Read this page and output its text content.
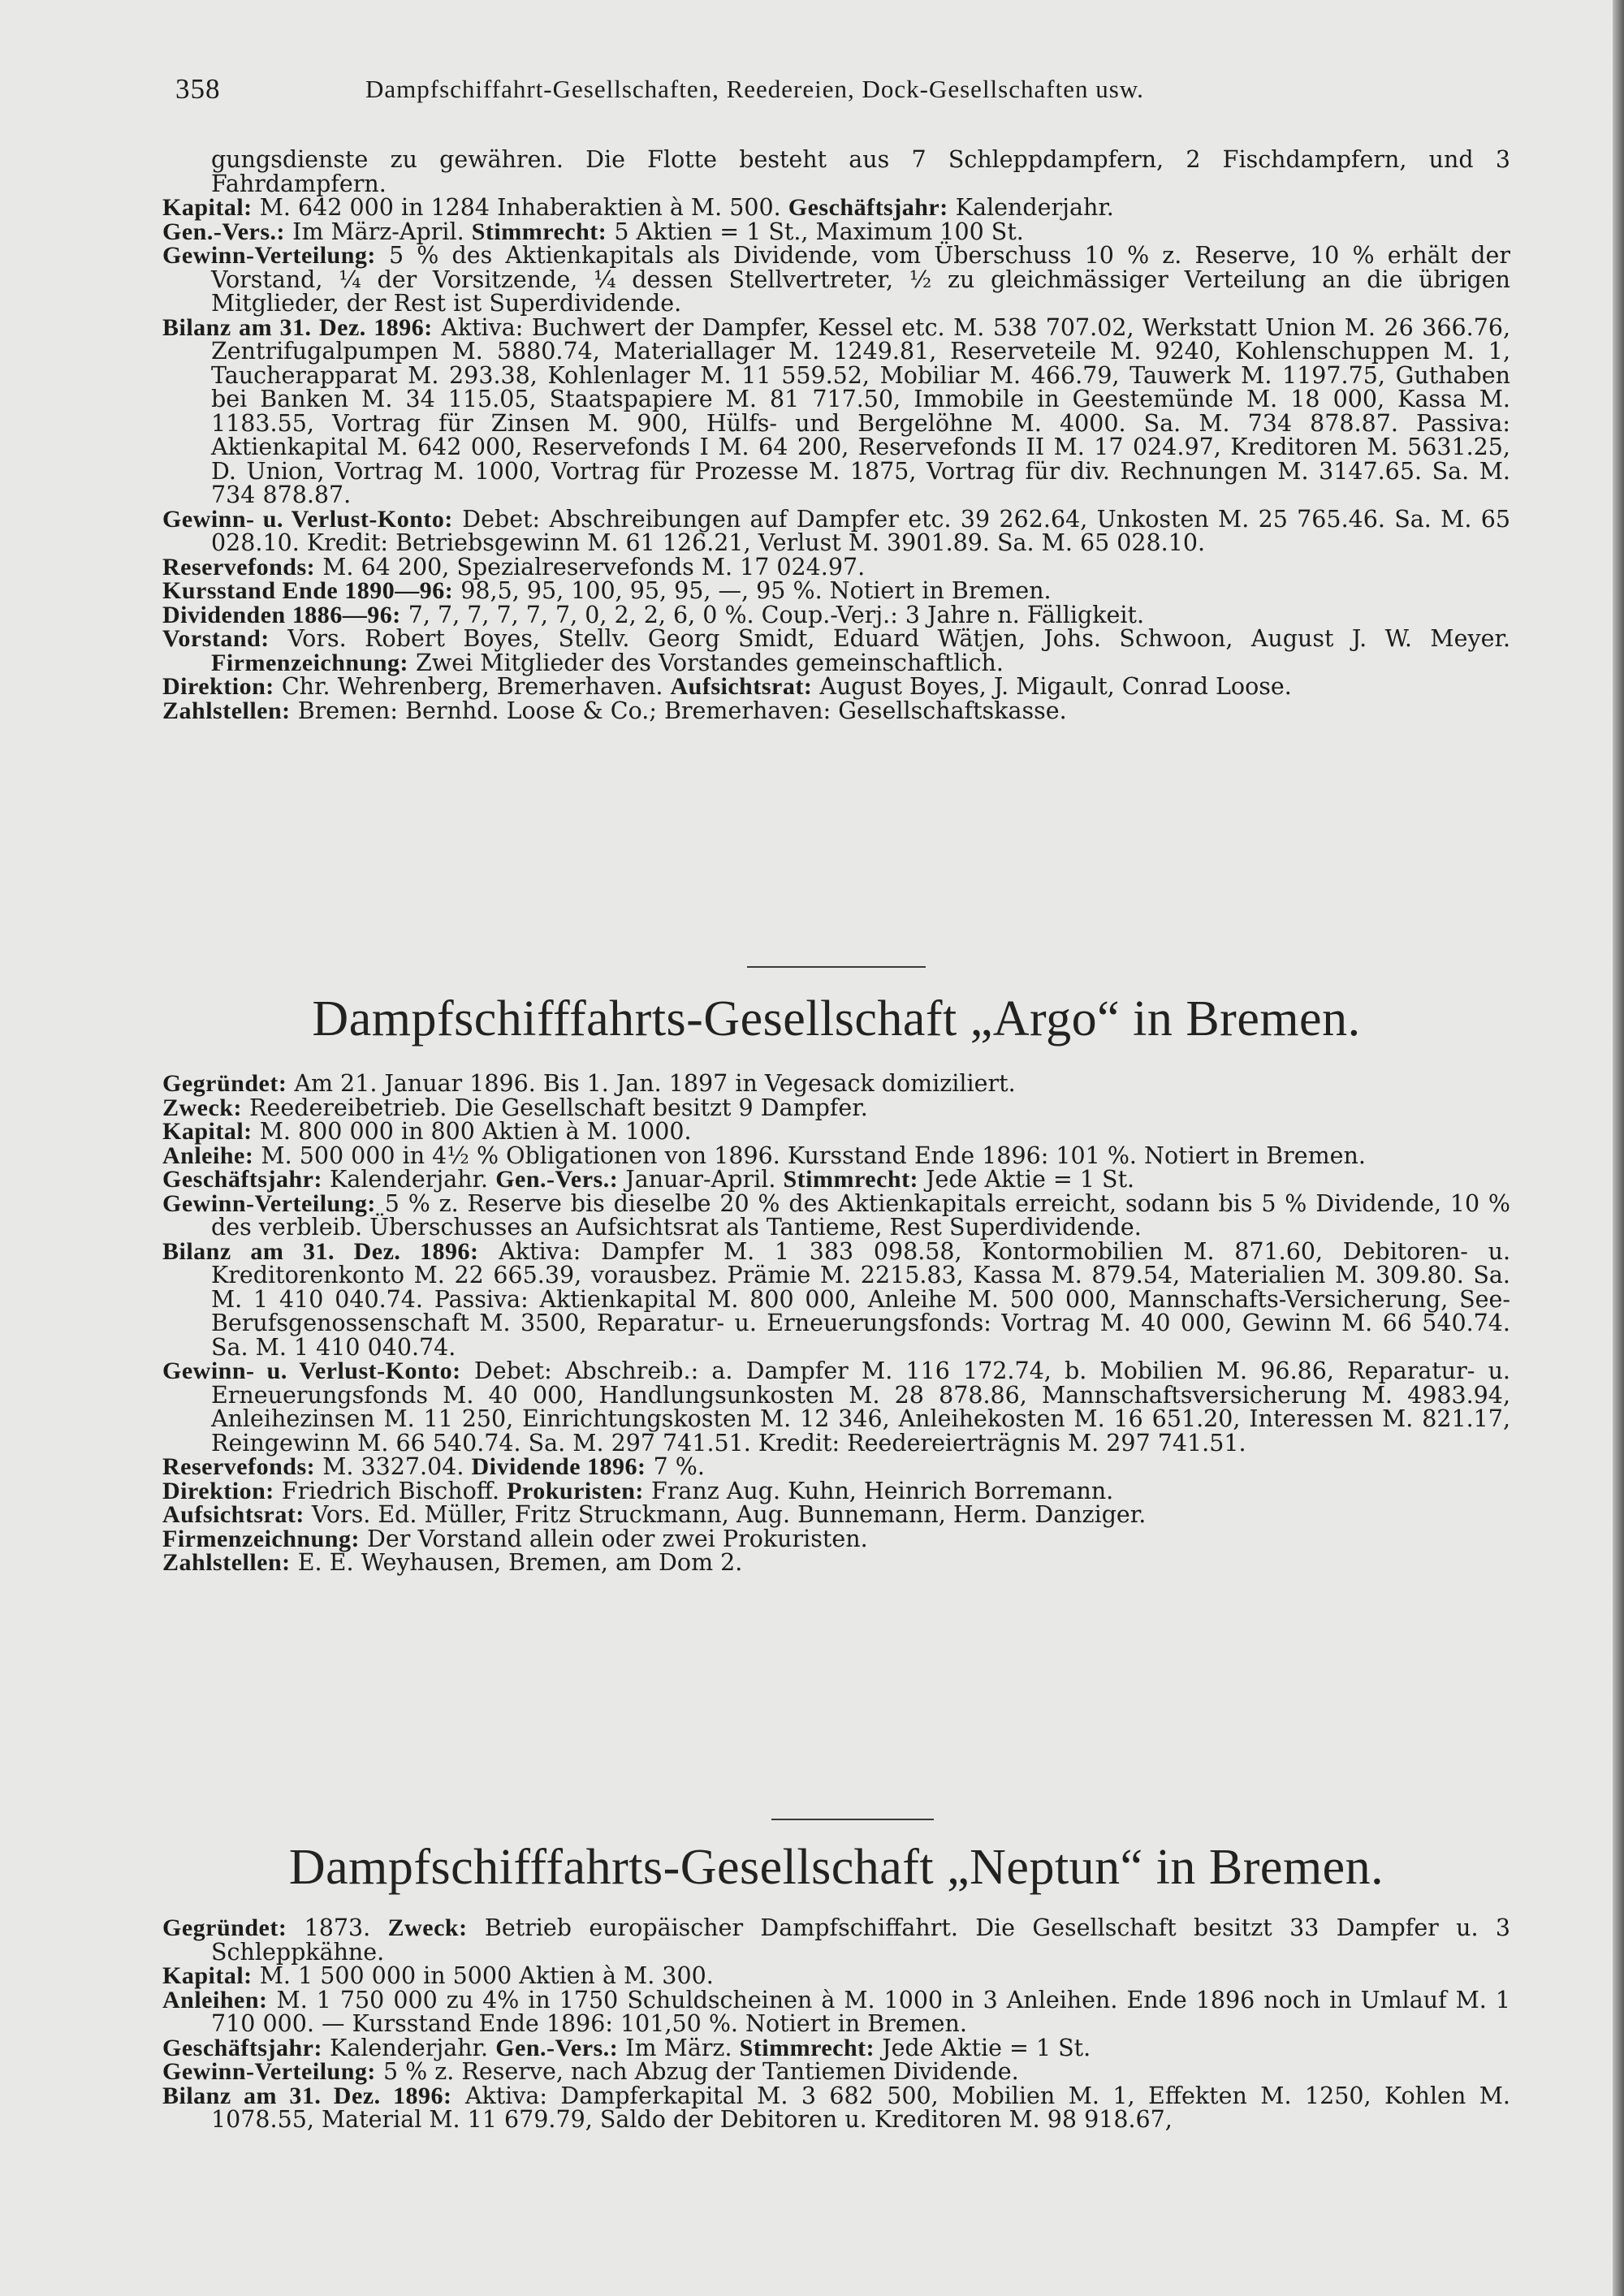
358	Dampfschiffahrt-Gesellschaften, Reedereien, Dock-Gesellschaften usw.

gungsdienste zu gewähren. Die Flotte besteht aus 7 Schleppdampfern, 2 Fischdampfern, und 3 Fahrdampfern.

Kapital: M. 642 000 in 1284 Inhaberaktien à M. 500. Geschäftsjahr: Kalenderjahr.

Gen.-Vers.: Im März-April. Stimmrecht: 5 Aktien = 1 St., Maximum 100 St.

Gewinn-Verteilung: 5 % des Aktienkapitals als Dividende, vom Überschuss 10 % z. Reserve, 10 % erhält der Vorstand, ¼ der Vorsitzende, ¼ dessen Stellvertreter, ½ zu gleichmässiger Verteilung an die übrigen Mitglieder, der Rest ist Superdividende.

Bilanz am 31. Dez. 1896: Aktiva: Buchwert der Dampfer, Kessel etc. M. 538 707.02, Werkstatt Union M. 26 366.76, Zentrifugalpumpen M. 5880.74, Materiallager M. 1249.81, Reserveteile M. 9240, Kohlenschuppen M. 1, Taucherapparat M. 293.38, Kohlenlager M. 11 559.52, Mobiliar M. 466.79, Tauwerk M. 1197.75, Guthaben bei Banken M. 34 115.05, Staatspapiere M. 81 717.50, Immobile in Geestemünde M. 18 000, Kassa M. 1183.55, Vortrag für Zinsen M. 900, Hülfs- und Bergelöhne M. 4000. Sa. M. 734 878.87. Passiva: Aktienkapital M. 642 000, Reservefonds I M. 64 200, Reservefonds II M. 17 024.97, Kreditoren M. 5631.25, D. Union, Vortrag M. 1000, Vortrag für Prozesse M. 1875, Vortrag für div. Rechnungen M. 3147.65. Sa. M. 734 878.87.

Gewinn- u. Verlust-Konto: Debet: Abschreibungen auf Dampfer etc. 39 262.64, Unkosten M. 25 765.46. Sa. M. 65 028.10. Kredit: Betriebsgewinn M. 61 126.21, Verlust M. 3901.89. Sa. M. 65 028.10.

Reservefonds: M. 64 200, Spezialreservefonds M. 17 024.97.

Kursstand Ende 1890—96: 98,5, 95, 100, 95, 95, —, 95 %. Notiert in Bremen.

Dividenden 1886—96: 7, 7, 7, 7, 7, 7, 0, 2, 2, 6, 0 %. Coup.-Verj.: 3 Jahre n. Fälligkeit.

Vorstand: Vors. Robert Boyes, Stellv. Georg Smidt, Eduard Wätjen, Johs. Schwoon, August J. W. Meyer. Firmenzeichnung: Zwei Mitglieder des Vorstandes gemeinschaftlich.

Direktion: Chr. Wehrenberg, Bremerhaven. Aufsichtsrat: August Boyes, J. Migault, Conrad Loose.

Zahlstellen: Bremen: Bernhd. Loose & Co.; Bremerhaven: Gesellschaftskasse.

Dampfschifffahrts-Gesellschaft „Argo“ in Bremen.

Gegründet: Am 21. Januar 1896. Bis 1. Jan. 1897 in Vegesack domiziliert.

Zweck: Reedereibetrieb. Die Gesellschaft besitzt 9 Dampfer.

Kapital: M. 800 000 in 800 Aktien à M. 1000.

Anleihe: M. 500 000 in 4½ % Obligationen von 1896. Kursstand Ende 1896: 101 %. Notiert in Bremen.

Geschäftsjahr: Kalenderjahr. Gen.-Vers.: Januar-April. Stimmrecht: Jede Aktie = 1 St.

Gewinn-Verteilung: 5 % z. Reserve bis dieselbe 20 % des Aktienkapitals erreicht, sodann bis 5 % Dividende, 10 % des verbleib. Überschusses an Aufsichtsrat als Tantieme, Rest Superdividende.

Bilanz am 31. Dez. 1896: Aktiva: Dampfer M. 1 383 098.58, Kontormobilien M. 871.60, Debitoren- u. Kreditorenkonto M. 22 665.39, vorausbez. Prämie M. 2215.83, Kassa M. 879.54, Materialien M. 309.80. Sa. M. 1 410 040.74. Passiva: Aktienkapital M. 800 000, Anleihe M. 500 000, Mannschafts-Versicherung, See-Berufsgenossenschaft M. 3500, Reparatur- u. Erneuerungsfonds: Vortrag M. 40 000, Gewinn M. 66 540.74. Sa. M. 1 410 040.74.

Gewinn- u. Verlust-Konto: Debet: Abschreib.: a. Dampfer M. 116 172.74, b. Mobilien M. 96.86, Reparatur- u. Erneuerungsfonds M. 40 000, Handlungsunkosten M. 28 878.86, Mannschaftsversicherung M. 4983.94, Anleihezinsen M. 11 250, Einrichtungskosten M. 12 346, Anleihekosten M. 16 651.20, Interessen M. 821.17, Reingewinn M. 66 540.74. Sa. M. 297 741.51. Kredit: Reedereierträgnis M. 297 741.51.

Reservefonds: M. 3327.04. Dividende 1896: 7 %.

Direktion: Friedrich Bischoff. Prokuristen: Franz Aug. Kuhn, Heinrich Borremann.

Aufsichtsrat: Vors. Ed. Müller, Fritz Struckmann, Aug. Bunnemann, Herm. Danziger.

Firmenzeichnung: Der Vorstand allein oder zwei Prokuristen.

Zahlstellen: E. E. Weyhausen, Bremen, am Dom 2.

Dampfschifffahrts-Gesellschaft „Neptun“ in Bremen.

Gegründet: 1873. Zweck: Betrieb europäischer Dampfschiffahrt. Die Gesellschaft besitzt 33 Dampfer u. 3 Schleppkähne.

Kapital: M. 1 500 000 in 5000 Aktien à M. 300.

Anleihen: M. 1 750 000 zu 4% in 1750 Schuldscheinen à M. 1000 in 3 Anleihen. Ende 1896 noch in Umlauf M. 1 710 000. — Kursstand Ende 1896: 101,50 %. Notiert in Bremen.

Geschäftsjahr: Kalenderjahr. Gen.-Vers.: Im März. Stimmrecht: Jede Aktie = 1 St.

Gewinn-Verteilung: 5 % z. Reserve, nach Abzug der Tantiemen Dividende.

Bilanz am 31. Dez. 1896: Aktiva: Dampferkapital M. 3 682 500, Mobilien M. 1, Effekten M. 1250, Kohlen M. 1078.55, Material M. 11 679.79, Saldo der Debitoren u. Kreditoren M. 98 918.67,
